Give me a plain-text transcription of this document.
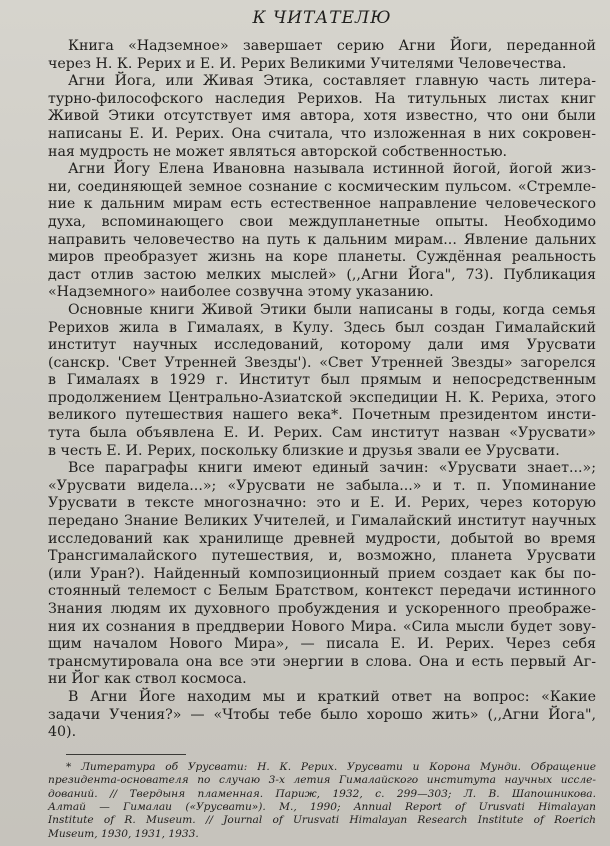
К ЧИТАТЕЛЮ
Книга «Надземное» завершает серию Агни Йоги, переданной
через Н. К. Рерих и Е. И. Рерих Великими Учителями Человечества.
Агни Йога, или Живая Этика, составляет главную часть литера-
турно-философского наследия Рерихов. На титульных листах книг
Живой Этики отсутствует имя автора, хотя известно, что они были
написаны Е. И. Рерих. Она считала, что изложенная в них сокровен-
ная мудрость не может являться авторской собственностью.
Агни Йогу Елена Ивановна называла истинной йогой, йогой жиз-
ни, соединяющей земное сознание с космическим пульсом. «Стремле-
ние к дальним мирам есть естественное направление человеческого
духа, вспоминающего свои междупланетные опыты. Необходимо
направить человечество на путь к дальним мирам... Явление дальних
миров преобразует жизнь на коре планеты. Суждённая реальность
даст отлив застою мелких мыслей» (,,Агни Йога", 73). Публикация
«Надземного» наиболее созвучна этому указанию.
Основные книги Живой Этики были написаны в годы, когда семья
Рерихов жила в Гималаях, в Кулу. Здесь был создан Гималайский
институт научных исследований, которому дали имя Урусвати
(санскр. 'Свет Утренней Звезды'). «Свет Утренней Звезды» загорелся
в Гималаях в 1929 г. Институт был прямым и непосредственным
продолжением Центрально-Азиатской экспедиции Н. К. Рериха, этого
великого путешествия нашего века*. Почетным президентом инсти-
тута была объявлена Е. И. Рерих. Сам институт назван «Урусвати»
в честь Е. И. Рерих, поскольку близкие и друзья звали ее Урусвати.
Все параграфы книги имеют единый зачин: «Урусвати знает...»;
«Урусвати видела...»; «Урусвати не забыла...» и т. п. Упоминание
Урусвати в тексте многозначно: это и Е. И. Рерих, через которую
передано Знание Великих Учителей, и Гималайский институт научных
исследований как хранилище древней мудрости, добытой во время
Трансгималайского путешествия, и, возможно, планета Урусвати
(или Уран?). Найденный композиционный прием создает как бы по-
стоянный телемост с Белым Братством, контекст передачи истинного
Знания людям их духовного пробуждения и ускоренного преображе-
ния их сознания в преддверии Нового Мира. «Сила мысли будет зову-
щим началом Нового Мира», — писала Е. И. Рерих. Через себя
трансмутировала она все эти энергии в слова. Она и есть первый Аг-
ни Йог как ствол космоса.
В Агни Йоге находим мы и краткий ответ на вопрос: «Какие
задачи Учения?» — «Чтобы тебе было хорошо жить» (,,Агни Йога",
40).
* Литература об Урусвати: Н. К. Рерих. Урусвати и Корона Мунди. Обращение
президента-основателя по случаю 3-х летия Гималайского института научных иссле-
дований. // Твердыня пламенная. Париж, 1932, с. 299—303; Л. В. Шапошникова.
Алтай — Гималаи («Урусвати»). М., 1990; Annual Report of Urusvati Himalayan
Institute of R. Museum. // Journal of Urusvati Himalayan Research Institute of Roerich
Museum, 1930, 1931, 1933.
